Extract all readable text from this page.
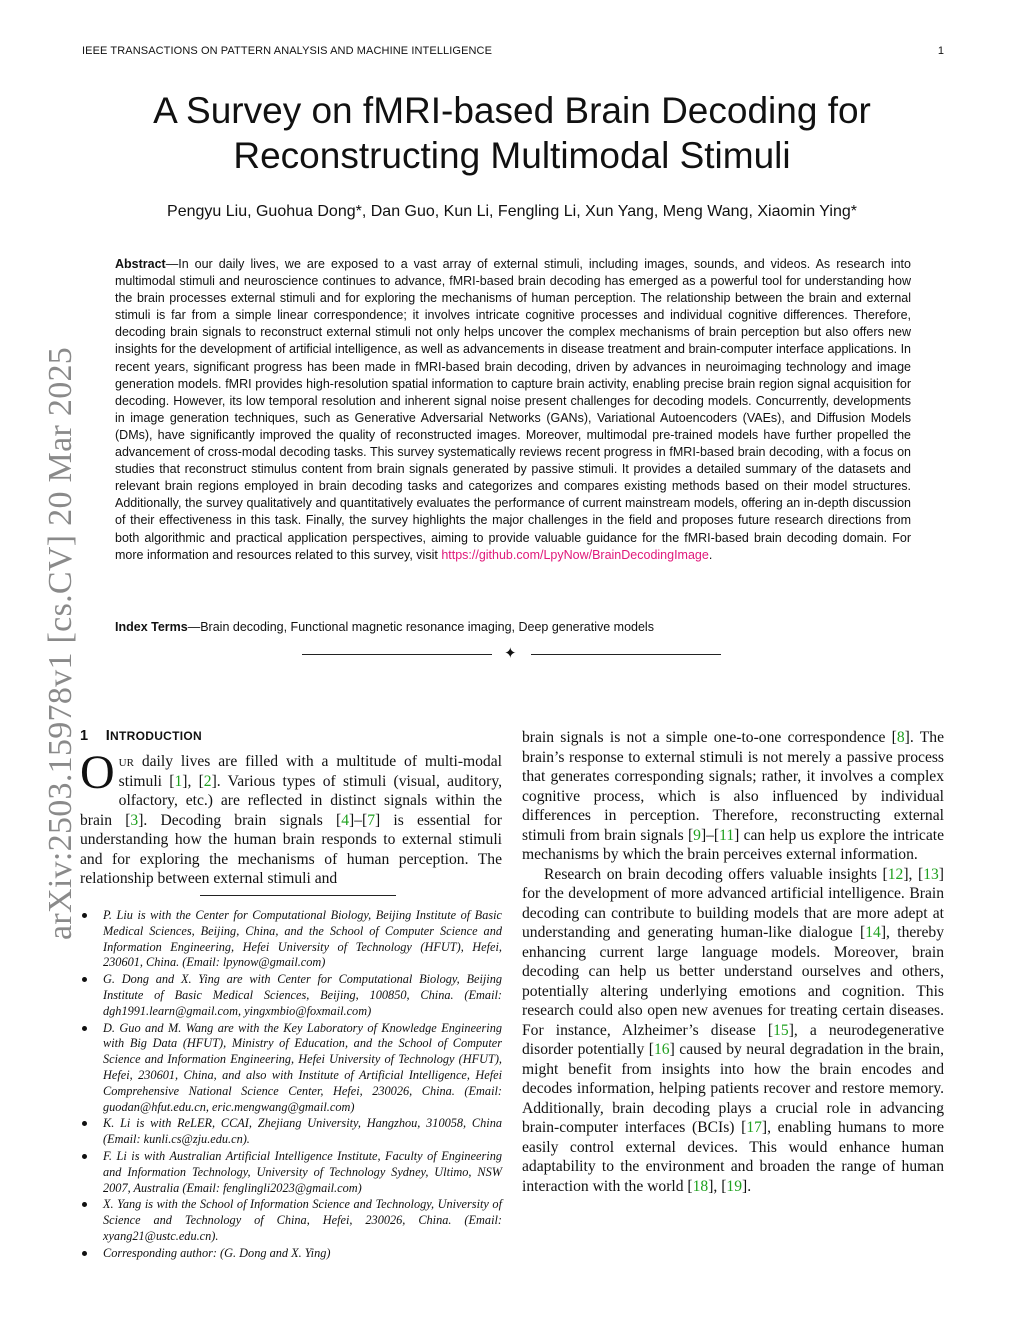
IEEE TRANSACTIONS ON PATTERN ANALYSIS AND MACHINE INTELLIGENCE	1
arXiv:2503.15978v1 [cs.CV] 20 Mar 2025
A Survey on fMRI-based Brain Decoding for
Reconstructing Multimodal Stimuli
Pengyu Liu, Guohua Dong*, Dan Guo, Kun Li, Fengling Li, Xun Yang, Meng Wang, Xiaomin Ying*
Abstract—In our daily lives, we are exposed to a vast array of external stimuli, including images, sounds, and videos. As research into multimodal stimuli and neuroscience continues to advance, fMRI-based brain decoding has emerged as a powerful tool for understanding how the brain processes external stimuli and for exploring the mechanisms of human perception. The relationship between the brain and external stimuli is far from a simple linear correspondence; it involves intricate cognitive processes and individual cognitive differences. Therefore, decoding brain signals to reconstruct external stimuli not only helps uncover the complex mechanisms of brain perception but also offers new insights for the development of artificial intelligence, as well as advancements in disease treatment and brain-computer interface applications. In recent years, significant progress has been made in fMRI-based brain decoding, driven by advances in neuroimaging technology and image generation models. fMRI provides high-resolution spatial information to capture brain activity, enabling precise brain region signal acquisition for decoding. However, its low temporal resolution and inherent signal noise present challenges for decoding models. Concurrently, developments in image generation techniques, such as Generative Adversarial Networks (GANs), Variational Autoencoders (VAEs), and Diffusion Models (DMs), have significantly improved the quality of reconstructed images. Moreover, multimodal pre-trained models have further propelled the advancement of cross-modal decoding tasks. This survey systematically reviews recent progress in fMRI-based brain decoding, with a focus on studies that reconstruct stimulus content from brain signals generated by passive stimuli. It provides a detailed summary of the datasets and relevant brain regions employed in brain decoding tasks and categorizes and compares existing methods based on their model structures. Additionally, the survey qualitatively and quantitatively evaluates the performance of current mainstream models, offering an in-depth discussion of their effectiveness in this task. Finally, the survey highlights the major challenges in the field and proposes future research directions from both algorithmic and practical application perspectives, aiming to provide valuable guidance for the fMRI-based brain decoding domain. For more information and resources related to this survey, visit https://github.com/LpyNow/BrainDecodingImage.
Index Terms—Brain decoding, Functional magnetic resonance imaging, Deep generative models
✦
1 INTRODUCTION
Our daily lives are filled with a multitude of multi-modal stimuli [1], [2]. Various types of stimuli (visual, auditory, olfactory, etc.) are reflected in distinct signals within the brain [3]. Decoding brain signals [4]–[7] is essential for understanding how the human brain responds to external stimuli and for exploring the mechanisms of human perception. The relationship between external stimuli and
P. Liu is with the Center for Computational Biology, Beijing Institute of Basic Medical Sciences, Beijing, China, and the School of Computer Science and Information Engineering, Hefei University of Technology (HFUT), Hefei, 230601, China. (Email: lpynow@gmail.com)
G. Dong and X. Ying are with Center for Computational Biology, Beijing Institute of Basic Medical Sciences, Beijing, 100850, China. (Email: dgh1991.learn@gmail.com, yingxmbio@foxmail.com)
D. Guo and M. Wang are with the Key Laboratory of Knowledge Engineering with Big Data (HFUT), Ministry of Education, and the School of Computer Science and Information Engineering, Hefei University of Technology (HFUT), Hefei, 230601, China, and also with Institute of Artificial Intelligence, Hefei Comprehensive National Science Center, Hefei, 230026, China. (Email: guodan@hfut.edu.cn, eric.mengwang@gmail.com)
K. Li is with ReLER, CCAI, Zhejiang University, Hangzhou, 310058, China (Email: kunli.cs@zju.edu.cn).
F. Li is with Australian Artificial Intelligence Institute, Faculty of Engineering and Information Technology, University of Technology Sydney, Ultimo, NSW 2007, Australia (Email: fenglingli2023@gmail.com)
X. Yang is with the School of Information Science and Technology, University of Science and Technology of China, Hefei, 230026, China. (Email: xyang21@ustc.edu.cn).
Corresponding author: (G. Dong and X. Ying)
brain signals is not a simple one-to-one correspondence [8]. The brain’s response to external stimuli is not merely a passive process that generates corresponding signals; rather, it involves a complex cognitive process, which is also influenced by individual differences in perception. Therefore, reconstructing external stimuli from brain signals [9]–[11] can help us explore the intricate mechanisms by which the brain perceives external information.
Research on brain decoding offers valuable insights [12], [13] for the development of more advanced artificial intelligence. Brain decoding can contribute to building models that are more adept at understanding and generating human-like dialogue [14], thereby enhancing current large language models. Moreover, brain decoding can help us better understand ourselves and others, potentially altering underlying emotions and cognition. This research could also open new avenues for treating certain diseases. For instance, Alzheimer’s disease [15], a neurodegenerative disorder potentially [16] caused by neural degradation in the brain, might benefit from insights into how the brain encodes and decodes information, helping patients recover and restore memory. Additionally, brain decoding plays a crucial role in advancing brain-computer interfaces (BCIs) [17], enabling humans to more easily control external devices. This would enhance human adaptability to the environment and broaden the range of human interaction with the world [18], [19].
